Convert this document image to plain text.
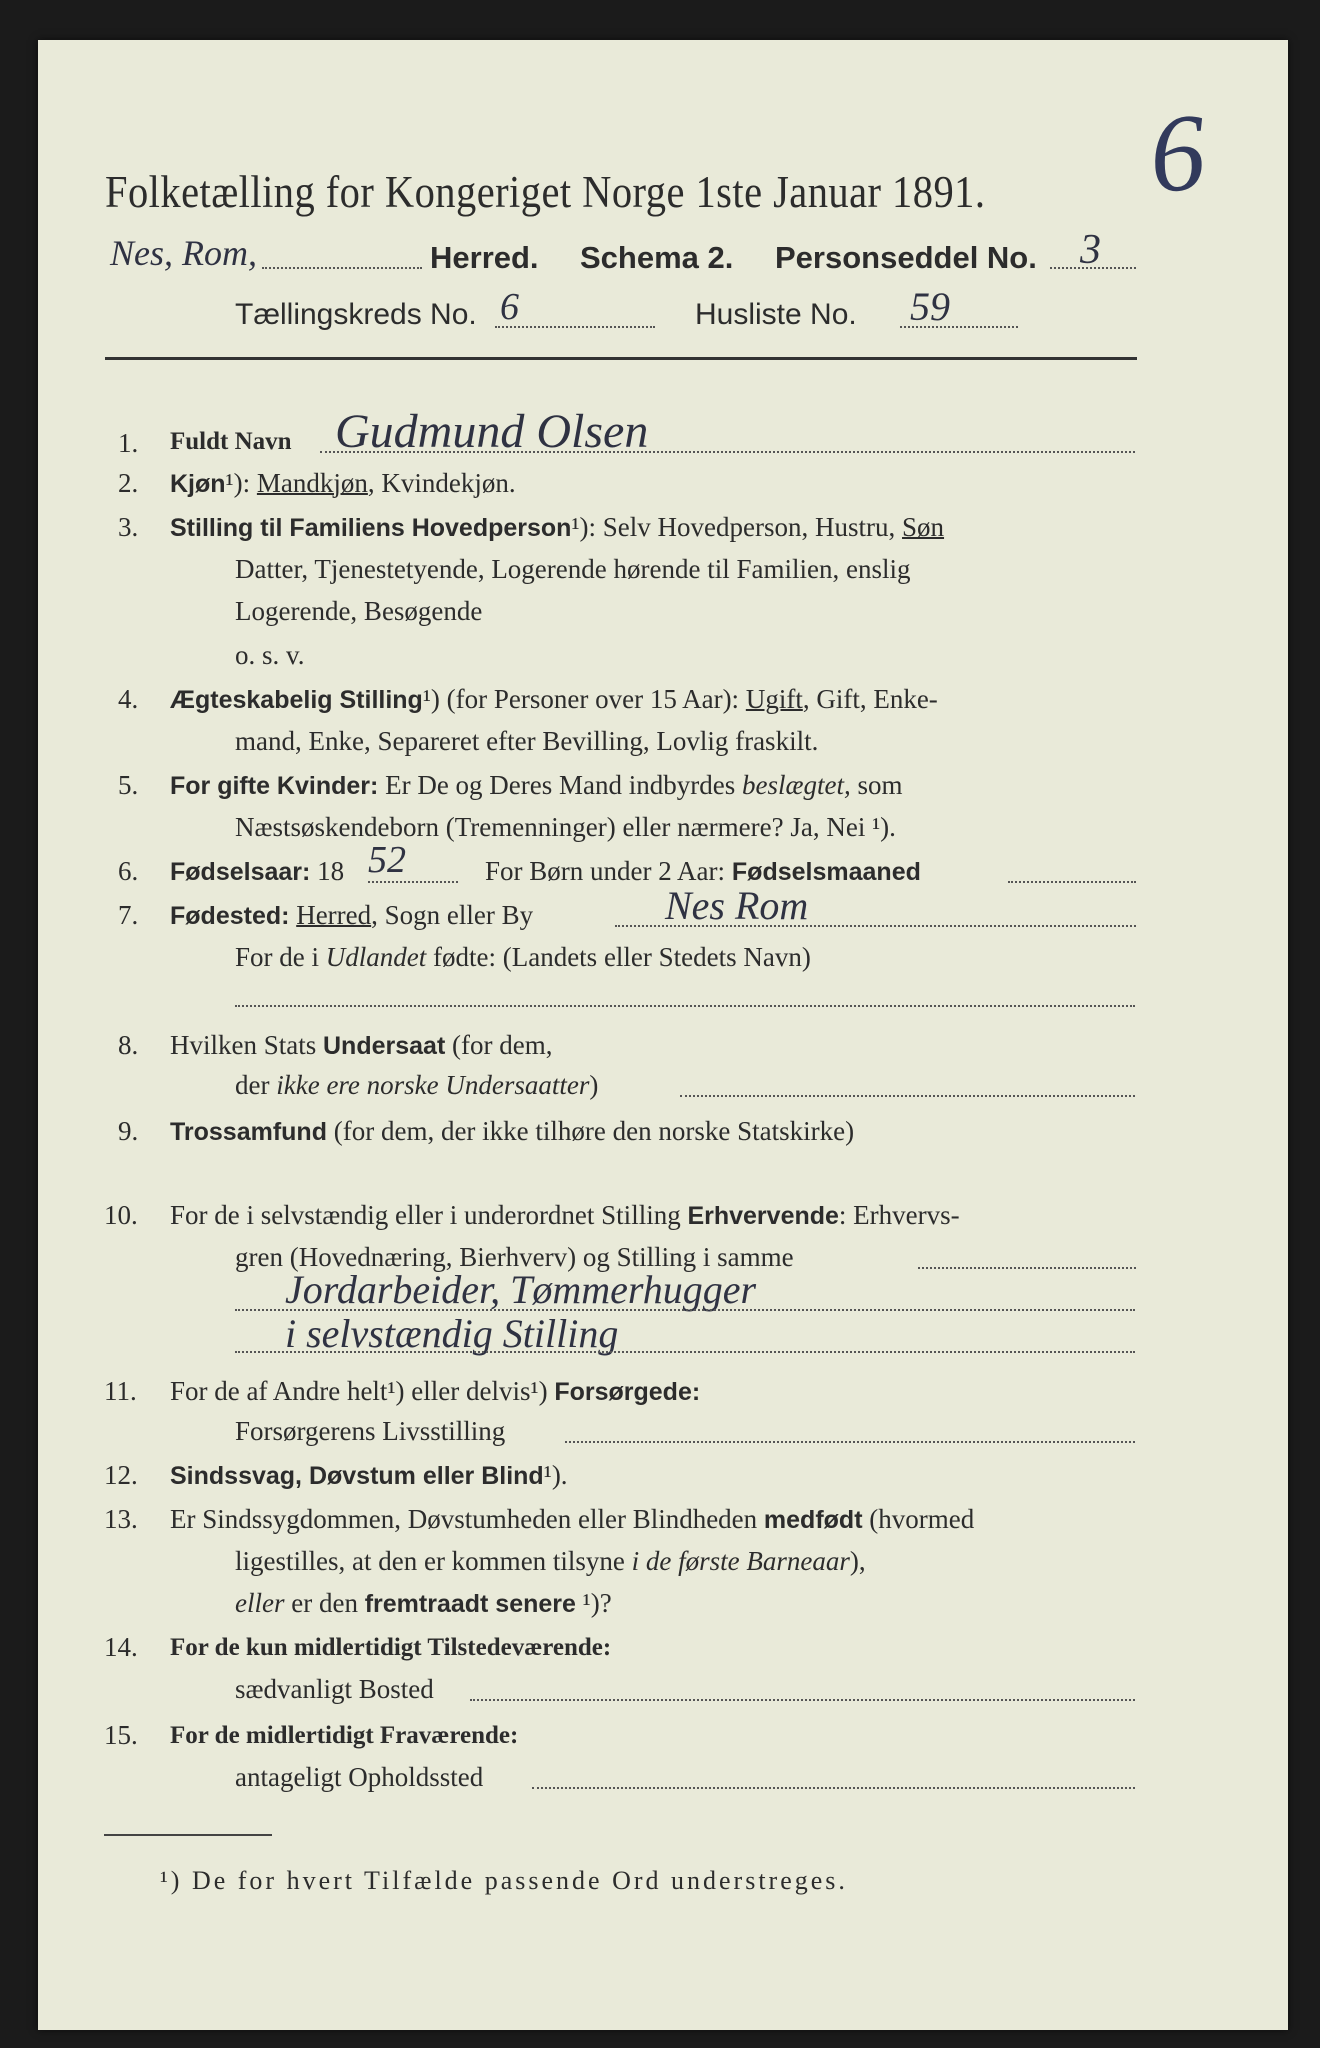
6
Folketælling for Kongeriget Norge 1ste Januar 1891.
Nes, Rom,	Herred. Schema 2. Personseddel No. 3
Tællingskreds No. 6	Husliste No. 59
1. Fuldt Navn Gudmund Olsen
2. Kjøn¹): Mandkjøn, Kvindekjøn.
3. Stilling til Familiens Hovedperson¹): Selv Hovedperson, Hustru, Søn
Datter, Tjenestetyende, Logerende hørende til Familien, enslig
Logerende, Besøgende
o. s. v.
4. Ægteskabelig Stilling¹) (for Personer over 15 Aar): Ugift, Gift, Enke-
mand, Enke, Separeret efter Bevilling, Lovlig fraskilt.
5. For gifte Kvinder: Er De og Deres Mand indbyrdes beslægtet, som
Næstsøskendeborn (Tremenninger) eller nærmere? Ja, Nei ¹).
6. Fødselsaar: 18 52	For Børn under 2 Aar: Fødselsmaaned
7. Fødested: Herred, Sogn eller By	Nes Rom
For de i Udlandet fødte: (Landets eller Stedets Navn)
8. Hvilken Stats Undersaat (for dem,
der ikke ere norske Undersaatter)
9. Trossamfund (for dem, der ikke tilhøre den norske Statskirke)
10. For de i selvstændig eller i underordnet Stilling Erhvervende: Erhvervs-
gren (Hovednæring, Bierhverv) og Stilling i samme
Jordarbeider, Tømmerhugger
i selvstændig Stilling
11. For de af Andre helt¹) eller delvis¹) Forsørgede:
Forsørgerens Livsstilling
12. Sindssvag, Døvstum eller Blind¹).
13. Er Sindssygdommen, Døvstumheden eller Blindheden medfødt (hvormed
ligestilles, at den er kommen tilsyne i de første Barneaar),
eller er den fremtraadt senere ¹)?
14. For de kun midlertidigt Tilstedeværende:
sædvanligt Bosted
15. For de midlertidigt Fraværende:
antageligt Opholdssted
¹) De for hvert Tilfælde passende Ord understreges.
